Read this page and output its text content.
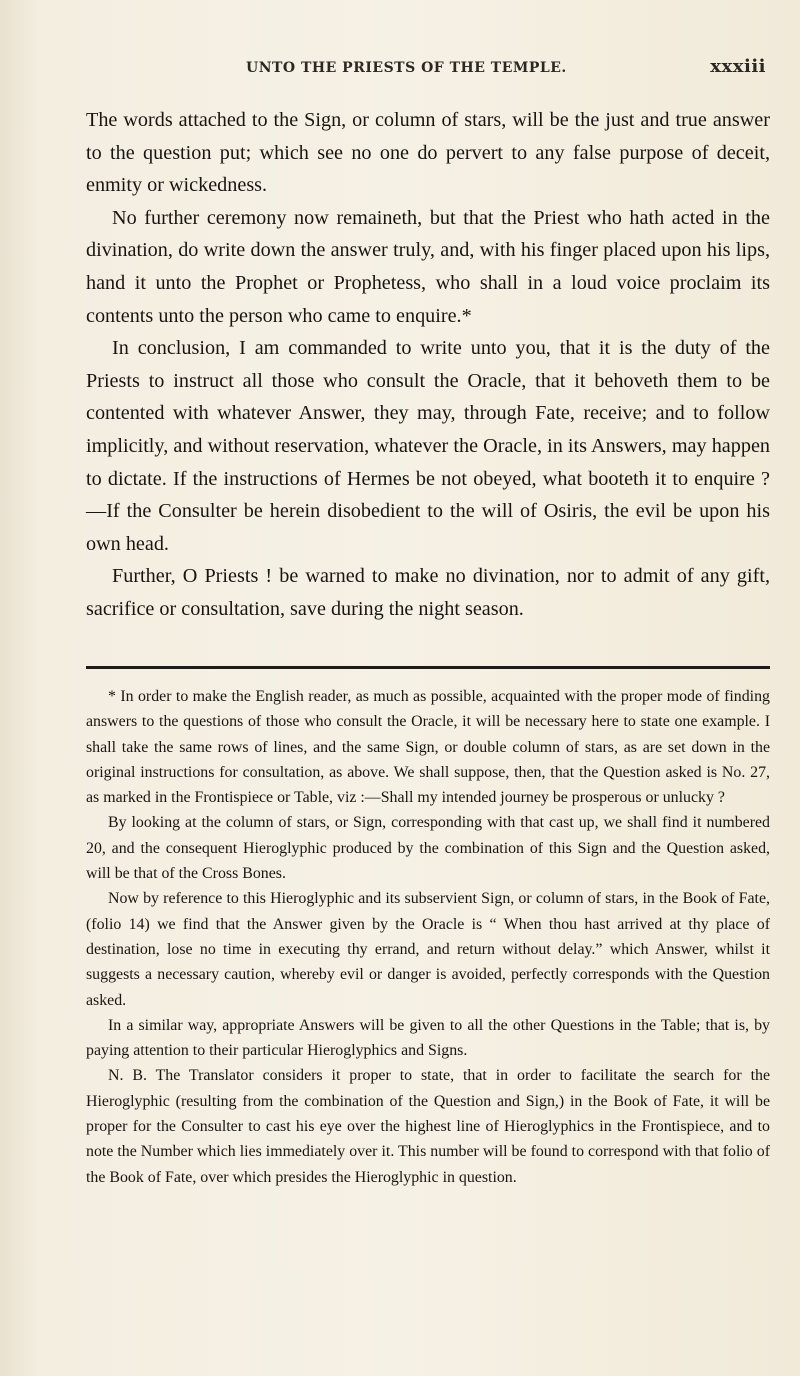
UNTO THE PRIESTS OF THE TEMPLE.	xxxiii

The words attached to the Sign, or column of stars, will be the just and true answer to the question put; which see no one do pervert to any false purpose of deceit, enmity or wickedness.

No further ceremony now remaineth, but that the Priest who hath acted in the divination, do write down the answer truly, and, with his finger placed upon his lips, hand it unto the Prophet or Prophetess, who shall in a loud voice proclaim its contents unto the person who came to enquire.*

In conclusion, I am commanded to write unto you, that it is the duty of the Priests to instruct all those who consult the Oracle, that it behoveth them to be contented with whatever Answer, they may, through Fate, receive; and to follow implicitly, and without reservation, whatever the Oracle, in its Answers, may happen to dictate. If the instructions of Hermes be not obeyed, what booteth it to enquire ?—If the Consulter be herein disobedient to the will of Osiris, the evil be upon his own head.

Further, O Priests ! be warned to make no divination, nor to admit of any gift, sacrifice or consultation, save during the night season.

* In order to make the English reader, as much as possible, acquainted with the proper mode of finding answers to the questions of those who consult the Oracle, it will be necessary here to state one example. I shall take the same rows of lines, and the same Sign, or double column of stars, as are set down in the original instructions for consultation, as above. We shall suppose, then, that the Question asked is No. 27, as marked in the Frontispiece or Table, viz :—Shall my intended journey be prosperous or unlucky ?

By looking at the column of stars, or Sign, corresponding with that cast up, we shall find it numbered 20, and the consequent Hieroglyphic produced by the combination of this Sign and the Question asked, will be that of the Cross Bones.

Now by reference to this Hieroglyphic and its subservient Sign, or column of stars, in the Book of Fate, (folio 14) we find that the Answer given by the Oracle is “ When thou hast arrived at thy place of destination, lose no time in executing thy errand, and return without delay.” which Answer, whilst it suggests a necessary caution, whereby evil or danger is avoided, perfectly corresponds with the Question asked.

In a similar way, appropriate Answers will be given to all the other Questions in the Table; that is, by paying attention to their particular Hieroglyphics and Signs.

N. B. The Translator considers it proper to state, that in order to facilitate the search for the Hieroglyphic (resulting from the combination of the Question and Sign,) in the Book of Fate, it will be proper for the Consulter to cast his eye over the highest line of Hieroglyphics in the Frontispiece, and to note the Number which lies immediately over it. This number will be found to correspond with that folio of the Book of Fate, over which presides the Hieroglyphic in question.
